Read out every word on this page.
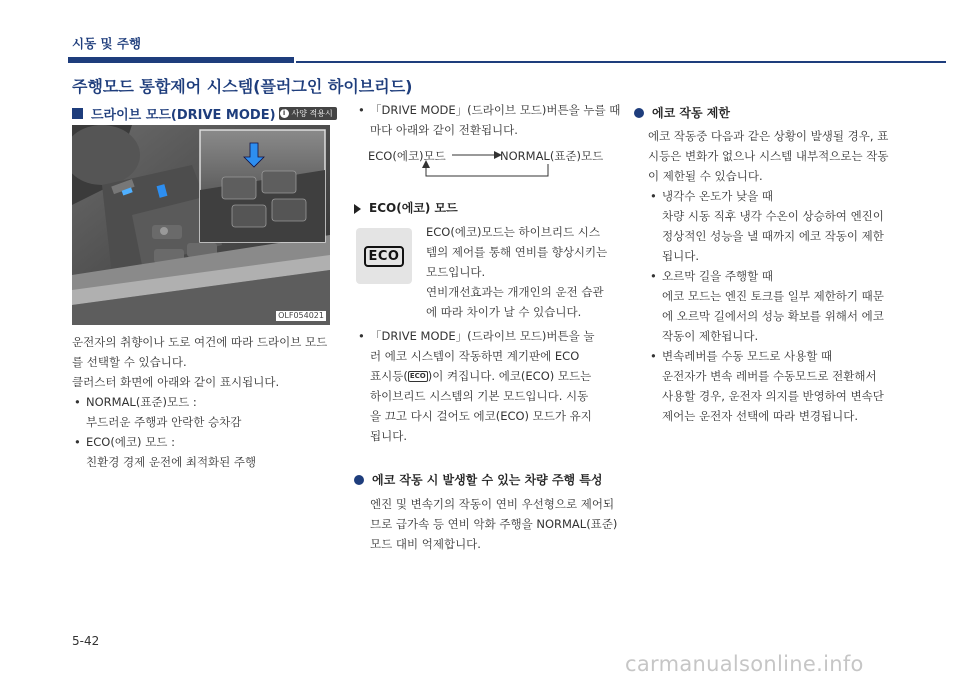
시동 및 주행
주행모드 통합제어 시스템(플러그인 하이브리드)
드라이브 모드(DRIVE MODE)	i 사양 적용시
OLF054021

운전자의 취향이나 도로 여건에 따라 드라이브 모드

를 선택할 수 있습니다.

클러스터 화면에 아래와 같이 표시됩니다.

• NORMAL(표준)모드 :

부드러운 주행과 안락한 승차감

• ECO(에코) 모드 :

친환경 경제 운전에 최적화된 주행

• 「DRIVE MODE」(드라이브 모드)버튼을 누를 때

마다 아래와 같이 전환됩니다.

ECO(에코)모드	NORMAL(표준)모드
ECO(에코) 모드
ECO

ECO(에코)모드는 하이브리드 시스

템의 제어를 통해 연비를 향상시키는

모드입니다.

연비개선효과는 개개인의 운전 습관

에 따라 차이가 날 수 있습니다.

• 「DRIVE MODE」(드라이브 모드)버튼을 눌

러 에코 시스템이 작동하면 계기판에 ECO

표시등( ECO )이 켜집니다. 에코(ECO) 모드는

하이브리드 시스템의 기본 모드입니다. 시동

을 끄고 다시 걸어도 에코(ECO) 모드가 유지

됩니다.

에코 작동 시 발생할 수 있는 차량 주행 특성

엔진 및 변속기의 작동이 연비 우선형으로 제어되

므로 급가속 등 연비 악화 주행을 NORMAL(표준)

모드 대비 억제합니다.

에코 작동 제한

에코 작동중 다음과 같은 상황이 발생될 경우, 표

시등은 변화가 없으나 시스템 내부적으로는 작동

이 제한될 수 있습니다.

• 냉각수 온도가 낮을 때

차량 시동 직후 냉각 수온이 상승하여 엔진이

정상적인 성능을 낼 때까지 에코 작동이 제한

됩니다.

• 오르막 길을 주행할 때

에코 모드는 엔진 토크를 일부 제한하기 때문

에 오르막 길에서의 성능 확보를 위해서 에코

작동이 제한됩니다.

• 변속레버를 수동 모드로 사용할 때

운전자가 변속 레버를 수동모드로 전환해서

사용할 경우, 운전자 의지를 반영하여 변속단

제어는 운전자 선택에 따라 변경됩니다.

5-42
carmanualsonline.info
